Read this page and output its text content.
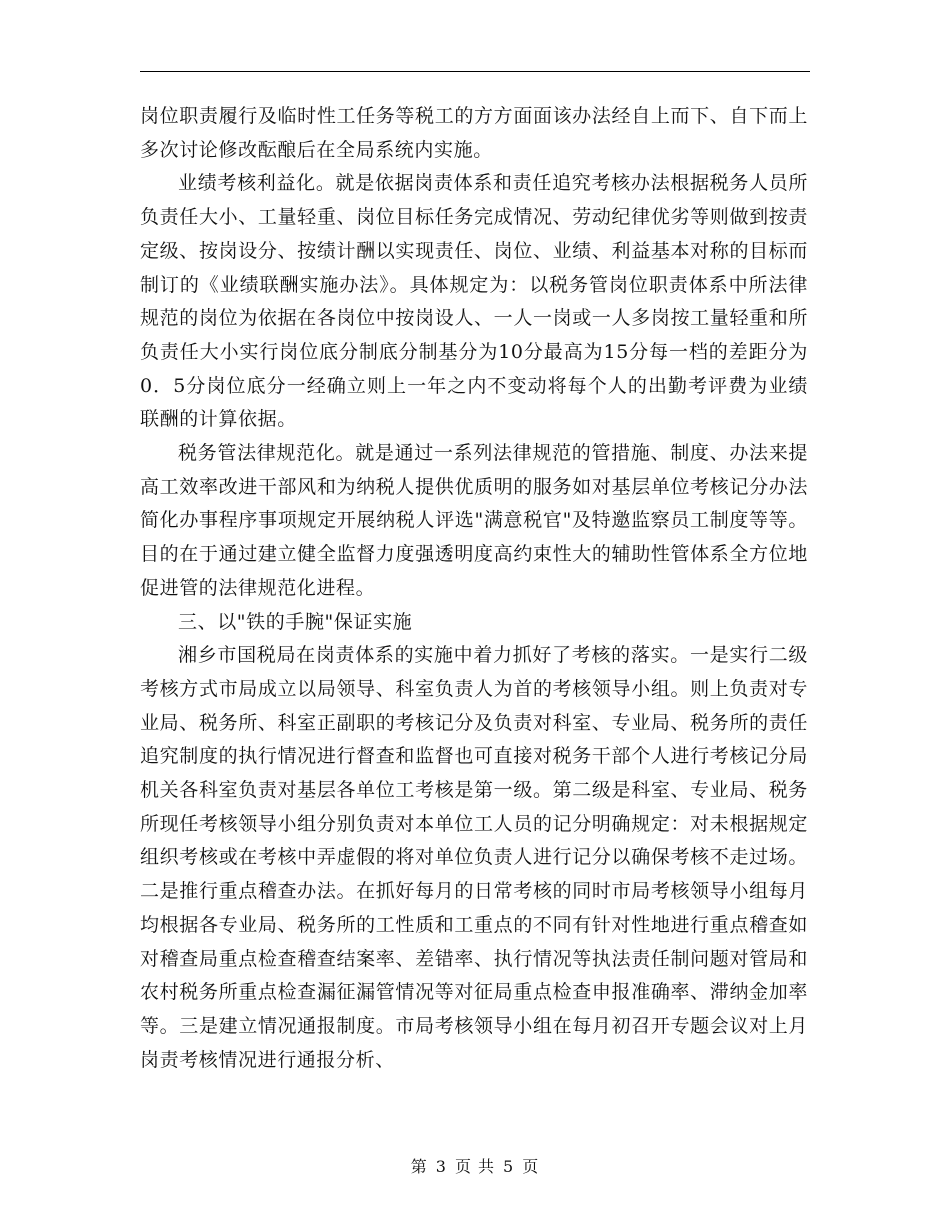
岗位职责履行及临时性工任务等税工的方方面面该办法经自上而下、自下而上多次讨论修改酝酿后在全局系统内实施。

业绩考核利益化。就是依据岗责体系和责任追究考核办法根据税务人员所负责任大小、工量轻重、岗位目标任务完成情况、劳动纪律优劣等则做到按责定级、按岗设分、按绩计酬以实现责任、岗位、业绩、利益基本对称的目标而制订的《业绩联酬实施办法》。具体规定为：以税务管岗位职责体系中所法律规范的岗位为依据在各岗位中按岗设人、一人一岗或一人多岗按工量轻重和所负责任大小实行岗位底分制底分制基分为10分最高为15分每一档的差距分为0．5分岗位底分一经确立则上一年之内不变动将每个人的出勤考评费为业绩联酬的计算依据。

税务管法律规范化。就是通过一系列法律规范的管措施、制度、办法来提高工效率改进干部风和为纳税人提供优质明的服务如对基层单位考核记分办法简化办事程序事项规定开展纳税人评选"满意税官"及特邀监察员工制度等等。目的在于通过建立健全监督力度强透明度高约束性大的辅助性管体系全方位地促进管的法律规范化进程。

三、以"铁的手腕"保证实施

湘乡市国税局在岗责体系的实施中着力抓好了考核的落实。一是实行二级考核方式市局成立以局领导、科室负责人为首的考核领导小组。则上负责对专业局、税务所、科室正副职的考核记分及负责对科室、专业局、税务所的责任追究制度的执行情况进行督查和监督也可直接对税务干部个人进行考核记分局机关各科室负责对基层各单位工考核是第一级。第二级是科室、专业局、税务所现任考核领导小组分别负责对本单位工人员的记分明确规定：对未根据规定组织考核或在考核中弄虚假的将对单位负责人进行记分以确保考核不走过场。二是推行重点稽查办法。在抓好每月的日常考核的同时市局考核领导小组每月均根据各专业局、税务所的工性质和工重点的不同有针对性地进行重点稽查如对稽查局重点检查稽查结案率、差错率、执行情况等执法责任制问题对管局和农村税务所重点检查漏征漏管情况等对征局重点检查申报准确率、滞纳金加率等。三是建立情况通报制度。市局考核领导小组在每月初召开专题会议对上月岗责考核情况进行通报分析、

第 3 页 共 5 页
